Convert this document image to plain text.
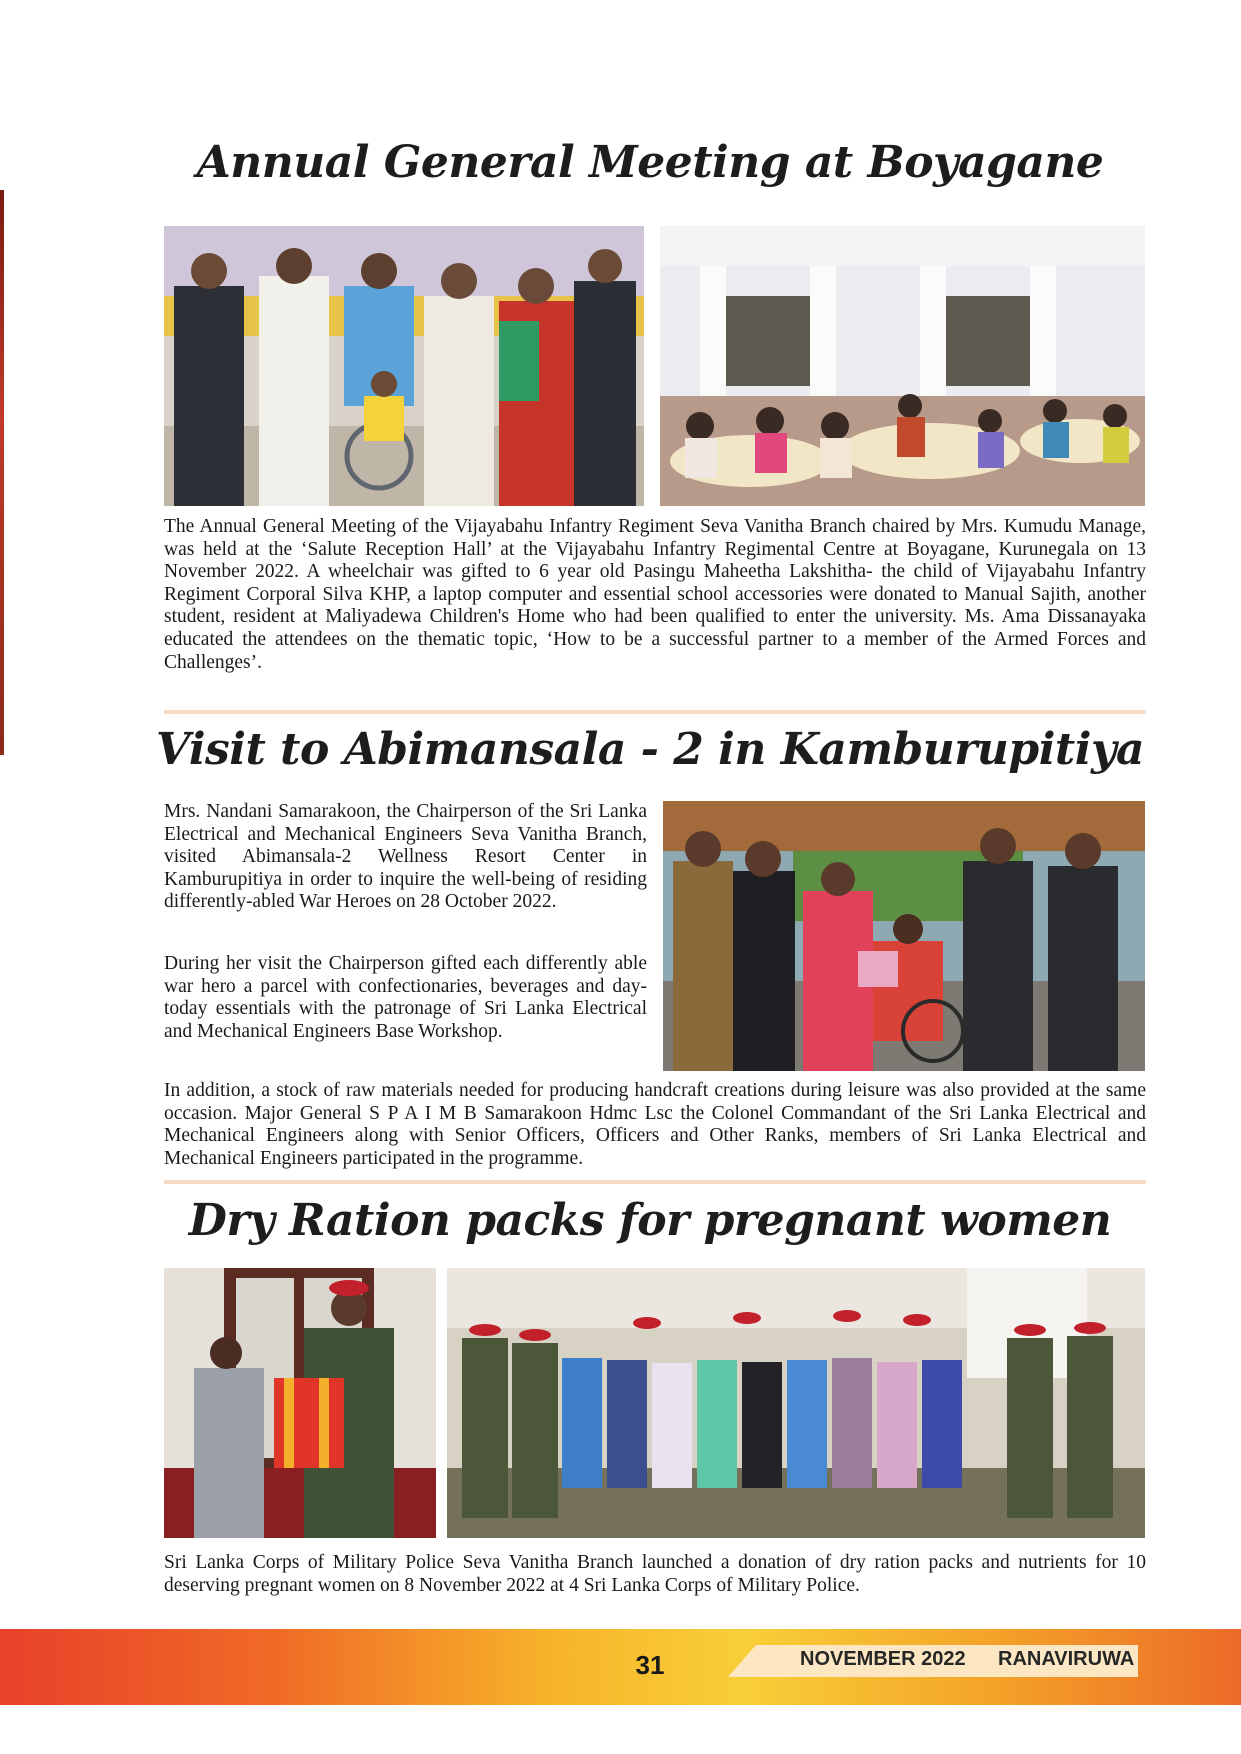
Annual General Meeting at Boyagane

The Annual General Meeting of the Vijayabahu Infantry Regiment Seva Vanitha Branch chaired by Mrs. Kumudu Manage, was held at the ‘Salute Reception Hall’ at the Vijayabahu Infantry Regimental Centre at Boyagane, Kurunegala on 13 November 2022. A wheelchair was gifted to 6 year old Pasingu Maheetha Lakshitha- the child of Vijayabahu Infantry Regiment Corporal Silva KHP, a laptop computer and essential school accessories were donated to Manual Sajith, another student, resident at Maliyadewa Children's Home who had been qualified to enter the university. Ms. Ama Dissanayaka educated the attendees on the thematic topic, ‘How to be a successful partner to a member of the Armed Forces and Challenges’.

Visit to Abimansala - 2 in Kamburupitiya

Mrs. Nandani Samarakoon, the Chairperson of the Sri Lanka Electrical and Mechanical Engineers Seva Vanitha Branch, visited Abimansala-2 Wellness Resort Center in Kamburupitiya in order to inquire the well-being of residing differently-abled War Heroes on 28 October 2022.

During her visit the Chairperson gifted each differently able war hero a parcel with confectionaries, beverages and day-today essentials with the patronage of Sri Lanka Electrical and Mechanical Engineers Base Workshop.

In addition, a stock of raw materials needed for producing handcraft creations during leisure was also provided at the same occasion. Major General S P A I M B Samarakoon Hdmc Lsc the Colonel Commandant of the Sri Lanka Electrical and Mechanical Engineers along with Senior Officers, Officers and Other Ranks, members of Sri Lanka Electrical and Mechanical Engineers participated in the programme.

Dry Ration packs for pregnant women

Sri Lanka Corps of Military Police Seva Vanitha Branch launched a donation of dry ration packs and nutrients for 10 deserving pregnant women on 8 November 2022 at 4 Sri Lanka Corps of Military Police.

31	NOVEMBER 2022 RANAVIRUWA
